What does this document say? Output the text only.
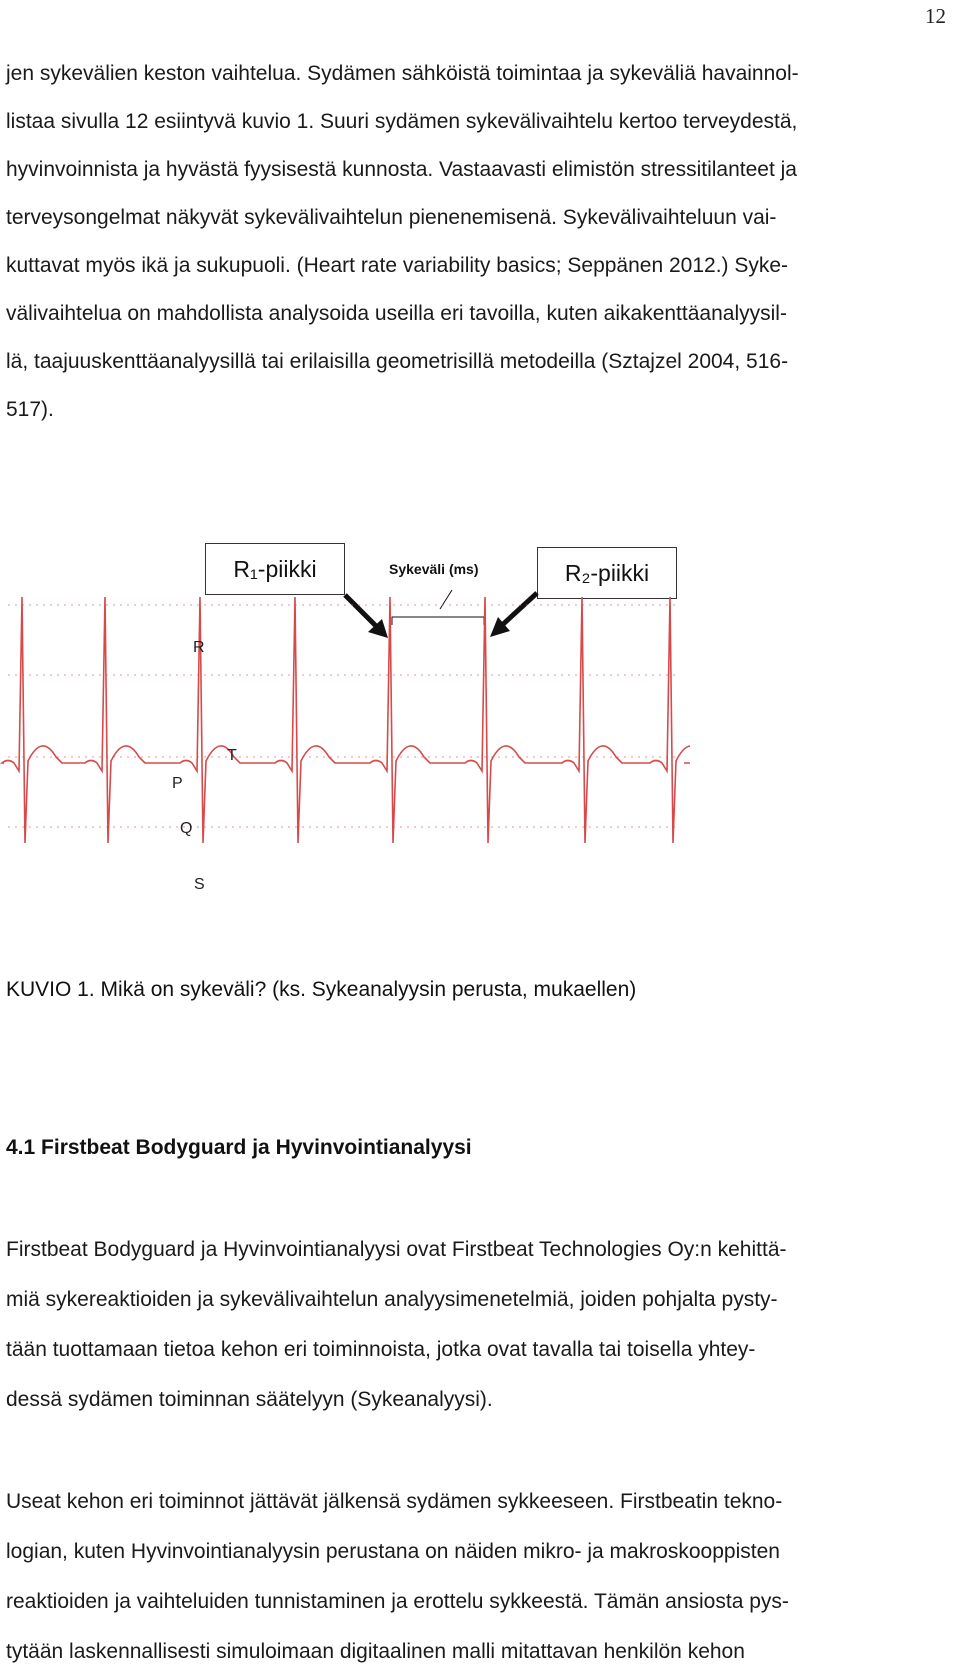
12
jen sykevälien keston vaihtelua. Sydämen sähköistä toimintaa ja sykeväliä havainnol-
listaa sivulla 12 esiintyvä kuvio 1. Suuri sydämen sykevälivaihtelu kertoo terveydestä,
hyvinvoinnista ja hyvästä fyysisestä kunnosta. Vastaavasti elimistön stressitilanteet ja
terveysongelmat näkyvät sykevälivaihtelun pienenemisenä. Sykevälivaihteluun vai-
kuttavat myös ikä ja sukupuoli. (Heart rate variability basics; Seppänen 2012.) Syke-
välivaihtelua on mahdollista analysoida useilla eri tavoilla, kuten aikakenttäanalyysil-
lä, taajuuskenttäanalyysillä tai erilaisilla geometrisillä metodeilla (Sztajzel 2004, 516-
517).
R₁-piikki	R₂-piikki
Sykeväli (ms)
R
T
P
Q
S
KUVIO 1. Mikä on sykeväli? (ks. Sykeanalyysin perusta, mukaellen)
4.1 Firstbeat Bodyguard ja Hyvinvointianalyysi
Firstbeat Bodyguard ja Hyvinvointianalyysi ovat Firstbeat Technologies Oy:n kehittä-
miä sykereaktioiden ja sykevälivaihtelun analyysimenetelmiä, joiden pohjalta pysty-
tään tuottamaan tietoa kehon eri toiminnoista, jotka ovat tavalla tai toisella yhtey-
dessä sydämen toiminnan säätelyyn (Sykeanalyysi).
Useat kehon eri toiminnot jättävät jälkensä sydämen sykkeeseen. Firstbeatin tekno-
logian, kuten Hyvinvointianalyysin perustana on näiden mikro- ja makroskooppisten
reaktioiden ja vaihteluiden tunnistaminen ja erottelu sykkeestä. Tämän ansiosta pys-
tytään laskennallisesti simuloimaan digitaalinen malli mitattavan henkilön kehon
